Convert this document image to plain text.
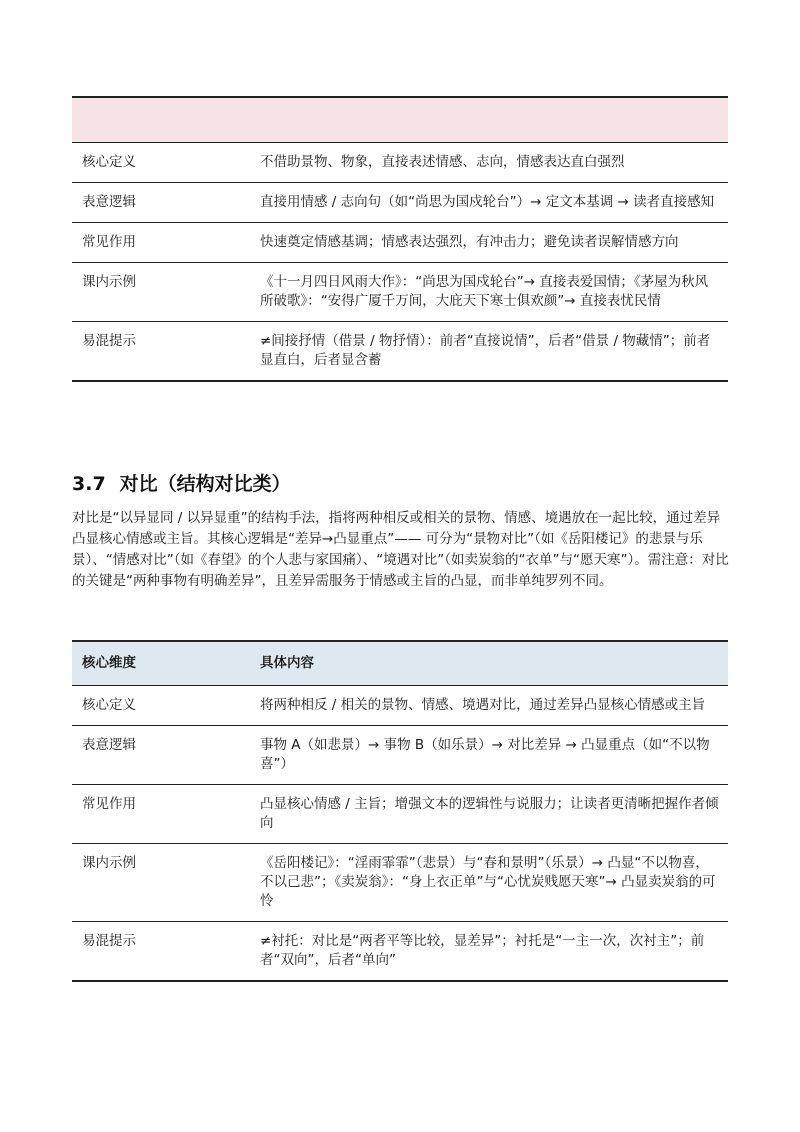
核心定义	不借助景物、物象，直接表述情感、志向，情感表达直白强烈
表意逻辑	直接用情感 / 志向句（如“尚思为国戍轮台”）→ 定文本基调 → 读者直接感知
常见作用	快速奠定情感基调；情感表达强烈，有冲击力；避免读者误解情感方向
课内示例	《十一月四日风雨大作》：“尚思为国戍轮台”→ 直接表爱国情；《茅屋为秋风所破歌》：“安得广厦千万间，大庇天下寒士俱欢颜”→ 直接表忧民情
易混提示	≠间接抒情（借景 / 物抒情）：前者“直接说情”，后者“借景 / 物藏情”；前者显直白，后者显含蓄
3.7 对比（结构对比类）

对比是“以异显同 / 以异显重”的结构手法，指将两种相反或相关的景物、情感、境遇放在一起比较，通过差异凸显核心情感或主旨。其核心逻辑是“差异→凸显重点”—— 可分为“景物对比”（如《岳阳楼记》的悲景与乐景）、“情感对比”（如《春望》的个人悲与家国痛）、“境遇对比”（如卖炭翁的“衣单”与“愿天寒”）。需注意：对比的关键是“两种事物有明确差异”，且差异需服务于情感或主旨的凸显，而非单纯罗列不同。

核心维度	具体内容
核心定义	将两种相反 / 相关的景物、情感、境遇对比，通过差异凸显核心情感或主旨
表意逻辑	事物 A（如悲景）→ 事物 B（如乐景）→ 对比差异 → 凸显重点（如“不以物喜”）
常见作用	凸显核心情感 / 主旨；增强文本的逻辑性与说服力；让读者更清晰把握作者倾向
课内示例	《岳阳楼记》：“淫雨霏霏”（悲景）与“春和景明”（乐景）→ 凸显“不以物喜，不以己悲”；《卖炭翁》：“身上衣正单”与“心忧炭贱愿天寒”→ 凸显卖炭翁的可怜
易混提示	≠衬托：对比是“两者平等比较，显差异”；衬托是“一主一次，次衬主”；前者“双向”，后者“单向”
